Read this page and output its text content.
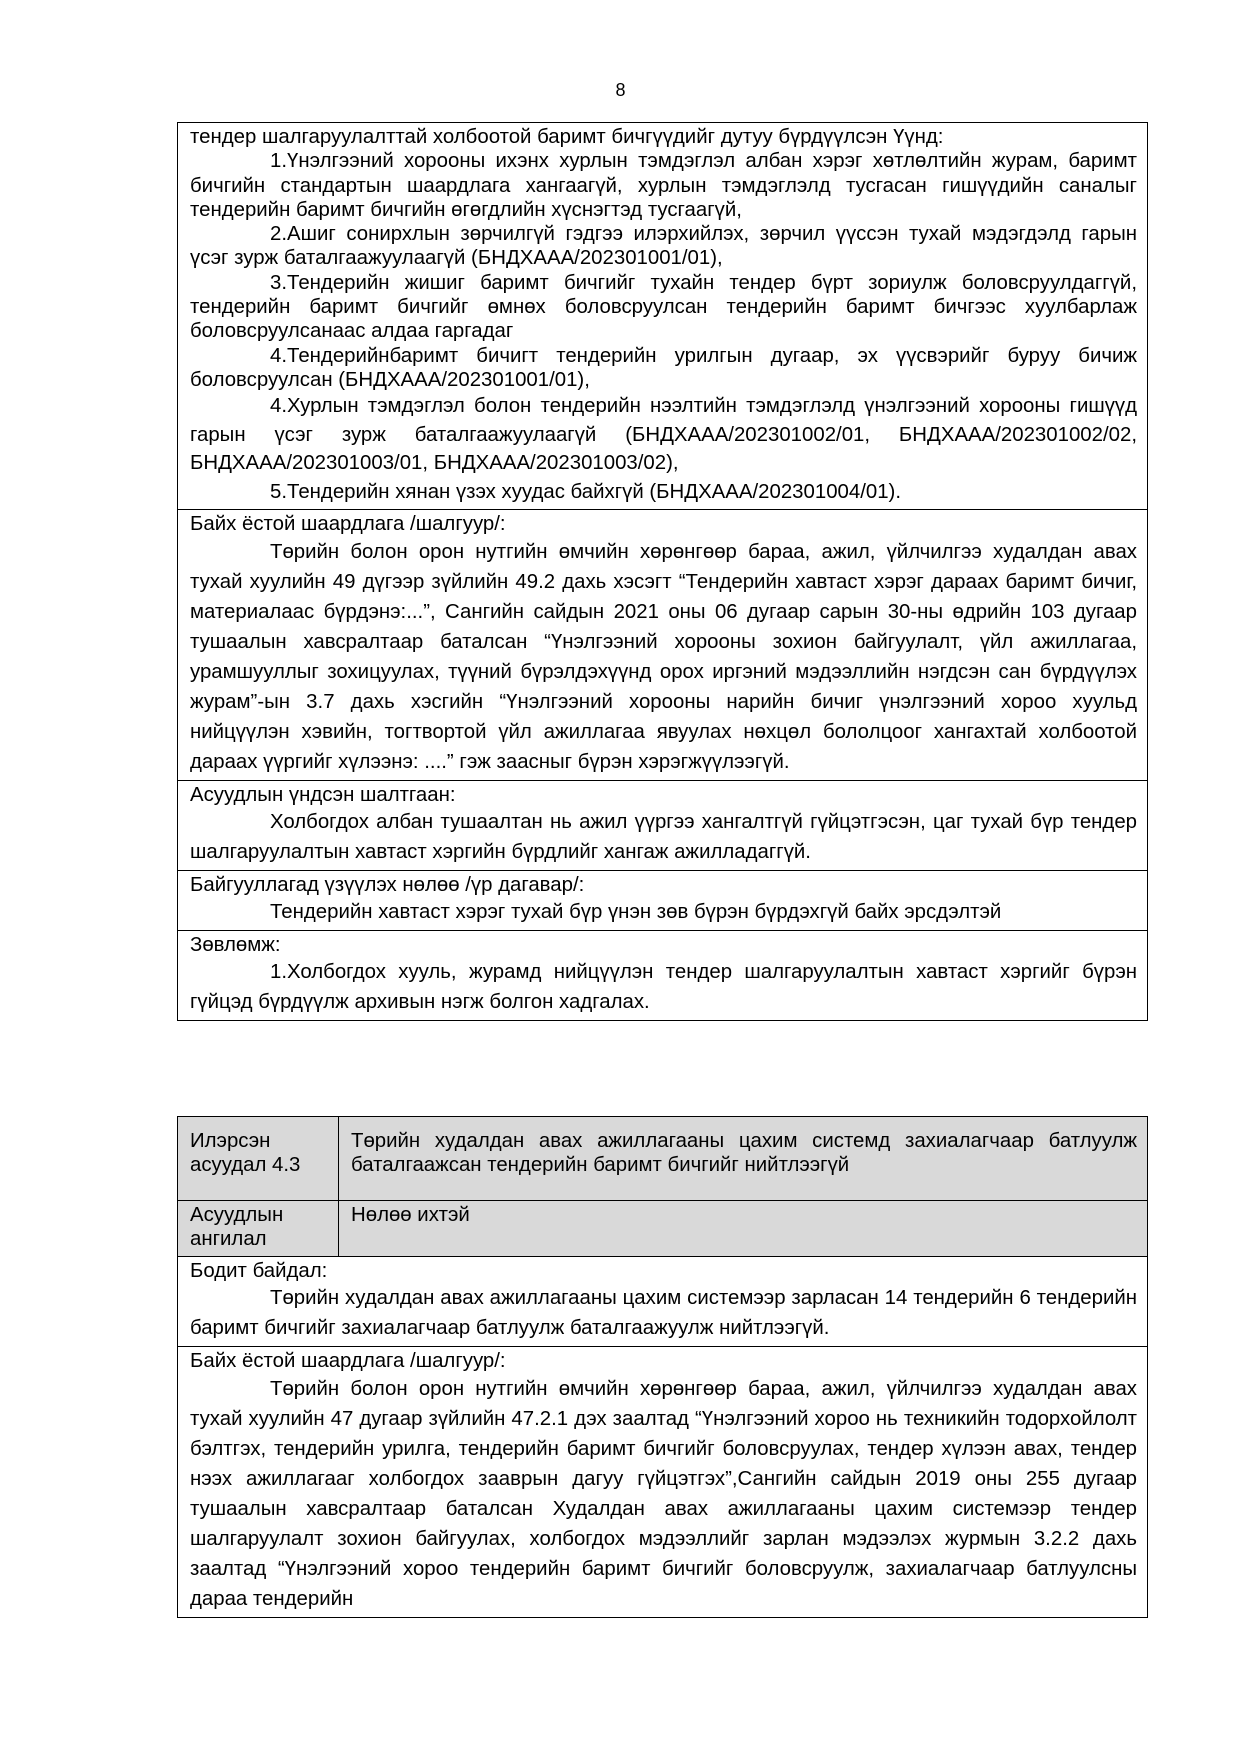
8

тендер шалгаруулалттай холбоотой баримт бичгүүдийг дутуу бүрдүүлсэн Үүнд:

1.Үнэлгээний хорооны ихэнх хурлын тэмдэглэл албан хэрэг хөтлөлтийн журам, баримт бичгийн стандартын шаардлага хангаагүй, хурлын тэмдэглэлд тусгасан гишүүдийн саналыг тендерийн баримт бичгийн өгөгдлийн хүснэгтэд тусгаагүй,

2.Ашиг сонирхлын зөрчилгүй гэдгээ илэрхийлэх, зөрчил үүссэн тухай мэдэгдэлд гарын үсэг зурж баталгаажуулаагүй (БНДХААА/202301001/01),

3.Тендерийн жишиг баримт бичгийг тухайн тендер бүрт зориулж боловсруулдаггүй, тендерийн баримт бичгийг өмнөх боловсруулсан тендерийн баримт бичгээс хуулбарлаж боловсруулсанаас алдаа гаргадаг

4.Тендерийнбаримт бичигт тендерийн урилгын дугаар, эх үүсвэрийг буруу бичиж боловсруулсан (БНДХААА/202301001/01),

4.Хурлын тэмдэглэл болон тендерийн нээлтийн тэмдэглэлд үнэлгээний хорооны гишүүд гарын үсэг зурж баталгаажуулаагүй (БНДХААА/202301002/01, БНДХААА/202301002/02, БНДХААА/202301003/01, БНДХААА/202301003/02),

5.Тендерийн хянан үзэх хуудас байхгүй (БНДХААА/202301004/01).

Байх ёстой шаардлага /шалгуур/:

Төрийн болон орон нутгийн өмчийн хөрөнгөөр бараа, ажил, үйлчилгээ худалдан авах тухай хуулийн 49 дүгээр зүйлийн 49.2 дахь хэсэгт “Тендерийн хавтаст хэрэг дараах баримт бичиг, материалаас бүрдэнэ:...”, Сангийн сайдын 2021 оны 06 дугаар сарын 30-ны өдрийн 103 дугаар тушаалын хавсралтаар баталсан “Үнэлгээний хорооны зохион байгуулалт, үйл ажиллагаа, урамшууллыг зохицуулах, түүний бүрэлдэхүүнд орох иргэний мэдээллийн нэгдсэн сан бүрдүүлэх журам”-ын 3.7 дахь хэсгийн “Үнэлгээний хорооны нарийн бичиг үнэлгээний хороо хуульд нийцүүлэн хэвийн, тогтвортой үйл ажиллагаа явуулах нөхцөл бололцоог хангахтай холбоотой дараах үүргийг хүлээнэ: ....” гэж заасныг бүрэн хэрэгжүүлээгүй.

Асуудлын үндсэн шалтгаан:

Холбогдох албан тушаалтан нь ажил үүргээ хангалтгүй гүйцэтгэсэн, цаг тухай бүр тендер шалгаруулалтын хавтаст хэргийн бүрдлийг хангаж ажилладаггүй.

Байгууллагад үзүүлэх нөлөө /үр дагавар/:

Тендерийн хавтаст хэрэг тухай бүр үнэн зөв бүрэн бүрдэхгүй байх эрсдэлтэй

Зөвлөмж:

1.Холбогдох хууль, журамд нийцүүлэн тендер шалгаруулалтын хавтаст хэргийг бүрэн гүйцэд бүрдүүлж архивын нэгж болгон хадгалах.

Илэрсэн асуудал 4.3

Төрийн худалдан авах ажиллагааны цахим системд захиалагчаар батлуулж баталгаажсан тендерийн баримт бичгийг нийтлээгүй

Асуудлын ангилал

Нөлөө ихтэй

Бодит байдал:

Төрийн худалдан авах ажиллагааны цахим системээр зарласан 14 тендерийн 6 тендерийн баримт бичгийг захиалагчаар батлуулж баталгаажуулж нийтлээгүй.

Байх ёстой шаардлага /шалгуур/:

Төрийн болон орон нутгийн өмчийн хөрөнгөөр бараа, ажил, үйлчилгээ худалдан авах тухай хуулийн 47 дугаар зүйлийн 47.2.1 дэх заалтад “Үнэлгээний хороо нь техникийн тодорхойлолт бэлтгэх, тендерийн урилга, тендерийн баримт бичгийг боловсруулах, тендер хүлээн авах, тендер нээх ажиллагааг холбогдох зааврын дагуу гүйцэтгэх”,Сангийн сайдын 2019 оны 255 дугаар тушаалын хавсралтаар баталсан Худалдан авах ажиллагааны цахим системээр тендер шалгаруулалт зохион байгуулах, холбогдох мэдээллийг зарлан мэдээлэх журмын 3.2.2 дахь заалтад “Үнэлгээний хороо тендерийн баримт бичгийг боловсруулж, захиалагчаар батлуулсны дараа тендерийн
